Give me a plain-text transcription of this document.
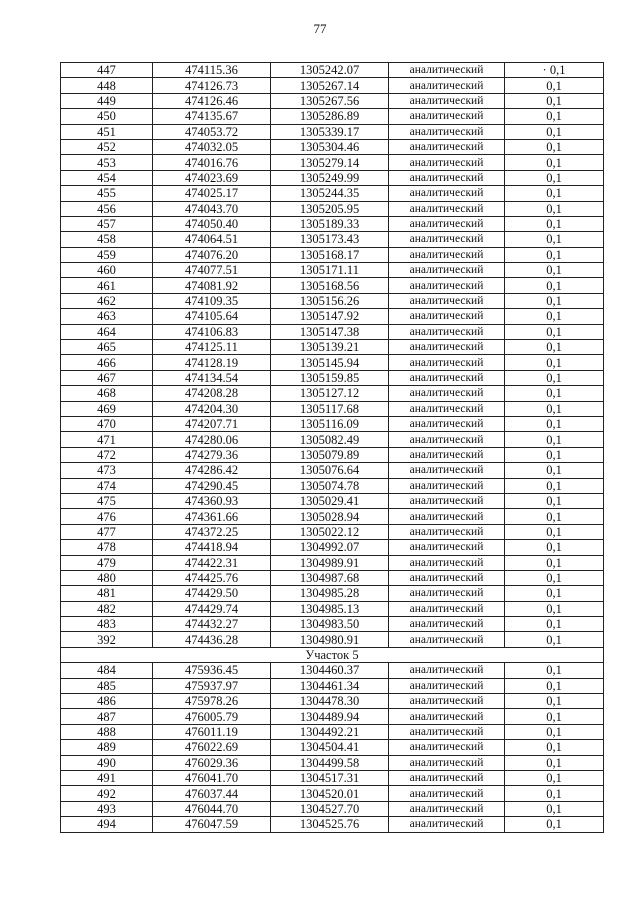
77
447	474115.36	1305242.07	аналитический	· 0,1
448	474126.73	1305267.14	аналитический	0,1
449	474126.46	1305267.56	аналитический	0,1
450	474135.67	1305286.89	аналитический	0,1
451	474053.72	1305339.17	аналитический	0,1
452	474032.05	1305304.46	аналитический	0,1
453	474016.76	1305279.14	аналитический	0,1
454	474023.69	1305249.99	аналитический	0,1
455	474025.17	1305244.35	аналитический	0,1
456	474043.70	1305205.95	аналитический	0,1
457	474050.40	1305189.33	аналитический	0,1
458	474064.51	1305173.43	аналитический	0,1
459	474076.20	1305168.17	аналитический	0,1
460	474077.51	1305171.11	аналитический	0,1
461	474081.92	1305168.56	аналитический	0,1
462	474109.35	1305156.26	аналитический	0,1
463	474105.64	1305147.92	аналитический	0,1
464	474106.83	1305147.38	аналитический	0,1
465	474125.11	1305139.21	аналитический	0,1
466	474128.19	1305145.94	аналитический	0,1
467	474134.54	1305159.85	аналитический	0,1
468	474208.28	1305127.12	аналитический	0,1
469	474204.30	1305117.68	аналитический	0,1
470	474207.71	1305116.09	аналитический	0,1
471	474280.06	1305082.49	аналитический	0,1
472	474279.36	1305079.89	аналитический	0,1
473	474286.42	1305076.64	аналитический	0,1
474	474290.45	1305074.78	аналитический	0,1
475	474360.93	1305029.41	аналитический	0,1
476	474361.66	1305028.94	аналитический	0,1
477	474372.25	1305022.12	аналитический	0,1
478	474418.94	1304992.07	аналитический	0,1
479	474422.31	1304989.91	аналитический	0,1
480	474425.76	1304987.68	аналитический	0,1
481	474429.50	1304985.28	аналитический	0,1
482	474429.74	1304985.13	аналитический	0,1
483	474432.27	1304983.50	аналитический	0,1
392	474436.28	1304980.91	аналитический	0,1
Участок 5				
484	475936.45	1304460.37	аналитический	0,1
485	475937.97	1304461.34	аналитический	0,1
486	475978.26	1304478.30	аналитический	0,1
487	476005.79	1304489.94	аналитический	0,1
488	476011.19	1304492.21	аналитический	0,1
489	476022.69	1304504.41	аналитический	0,1
490	476029.36	1304499.58	аналитический	0,1
491	476041.70	1304517.31	аналитический	0,1
492	476037.44	1304520.01	аналитический	0,1
493	476044.70	1304527.70	аналитический	0,1
494	476047.59	1304525.76	аналитический	0,1
